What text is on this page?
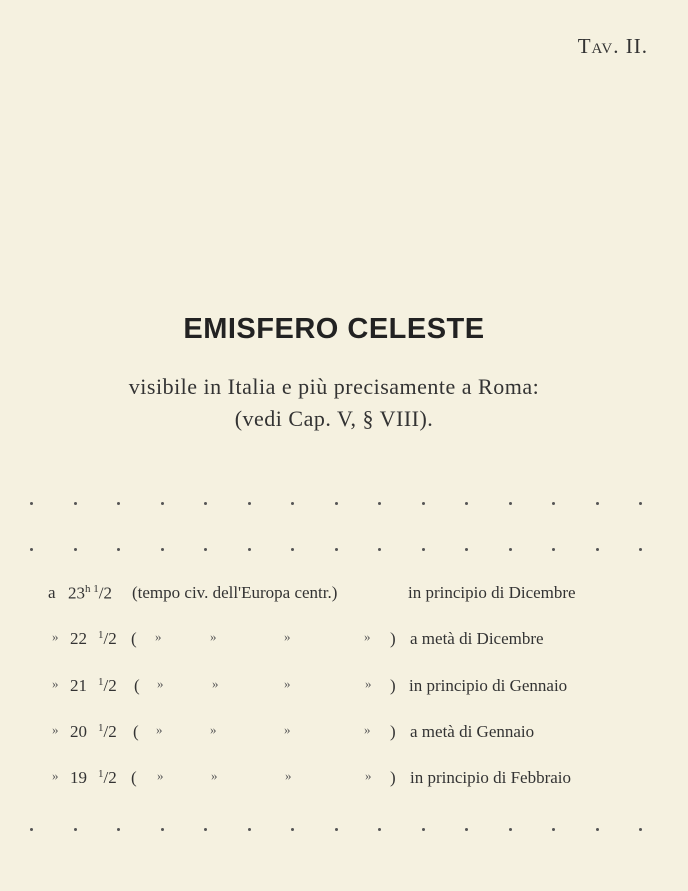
Tav. II.
EMISFERO CELESTE
visibile in Italia e più precisamente a Roma:
(vedi Cap. V, § VIII).
a $23^{h 1}/2$ (tempo civ. dell'Europa centr.)	in principio di Dicembre
» 22 $^1$ /2 ( »	»	»	» ) a metà di Dicembre
» 21 $^1$ /2 ( »	»	»	» ) in principio di Gennaio
» 20 $^1$ /2 ( »	»	»	» ) a metà di Gennaio
» 19 $^1$ /2 ( »	»	»	» ) in principio di Febbraio
